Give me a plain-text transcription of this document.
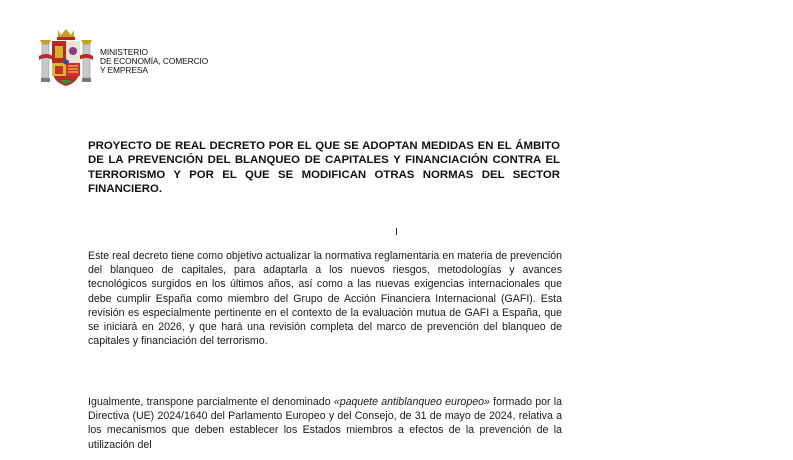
MINISTERIO
DE ECONOMÍA, COMERCIO
Y EMPRESA
PROYECTO DE REAL DECRETO POR EL QUE SE ADOPTAN MEDIDAS EN EL ÁMBITO DE LA PREVENCIÓN DEL BLANQUEO DE CAPITALES Y FINANCIACIÓN CONTRA EL TERRORISMO Y POR EL QUE SE MODIFICAN OTRAS NORMAS DEL SECTOR FINANCIERO.
I
Este real decreto tiene como objetivo actualizar la normativa reglamentaria en materia de prevención del blanqueo de capitales, para adaptarla a los nuevos riesgos, metodologías y avances tecnológicos surgidos en los últimos años, así como a las nuevas exigencias internacionales que debe cumplir España como miembro del Grupo de Acción Financiera Internacional (GAFI). Esta revisión es especialmente pertinente en el contexto de la evaluación mutua de GAFI a España, que se iniciará en 2026, y que hará una revisión completa del marco de prevención del blanqueo de capitales y financiación del terrorismo.
Igualmente, transpone parcialmente el denominado «paquete antiblanqueo europeo» formado por la Directiva (UE) 2024/1640 del Parlamento Europeo y del Consejo, de 31 de mayo de 2024, relativa a los mecanismos que deben establecer los Estados miembros a efectos de la prevención de la utilización del
